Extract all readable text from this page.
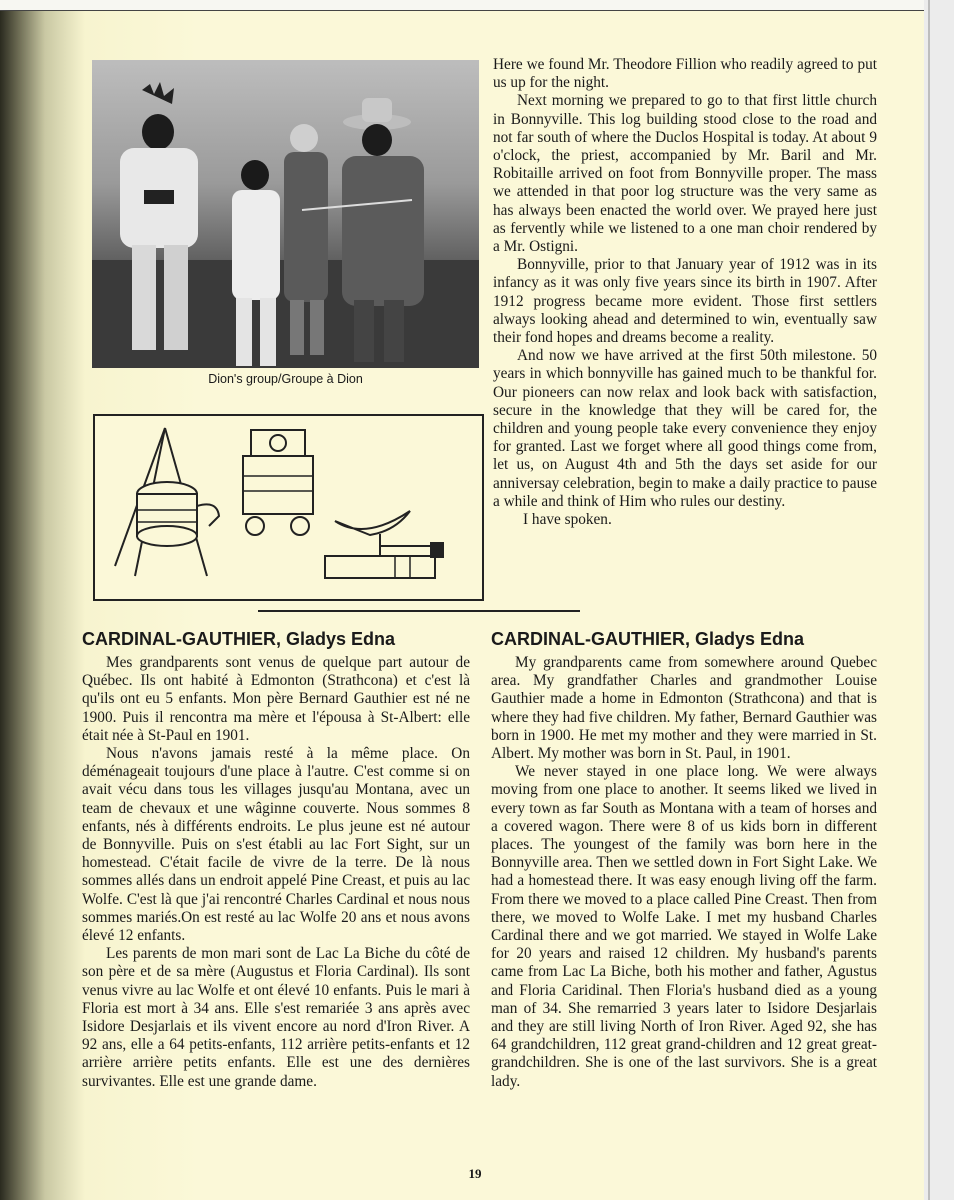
Dion's group/Groupe à Dion

Here we found Mr. Theodore Fillion who readily agreed to put us up for the night.

Next morning we prepared to go to that first little church in Bonnyville. This log building stood close to the road and not far south of where the Duclos Hospital is today. At about 9 o'clock, the priest, accompanied by Mr. Baril and Mr. Robitaille arrived on foot from Bonnyville proper. The mass we attended in that poor log structure was the very same as has always been enacted the world over. We prayed here just as fervently while we listened to a one man choir rendered by a Mr. Ostigni.

Bonnyville, prior to that January year of 1912 was in its infancy as it was only five years since its birth in 1907. After 1912 progress became more evident. Those first settlers always looking ahead and determined to win, eventually saw their fond hopes and dreams become a reality.

And now we have arrived at the first 50th milestone. 50 years in which bonnyville has gained much to be thankful for. Our pioneers can now relax and look back with satisfaction, secure in the knowledge that they will be cared for, the children and young people take every convenience they enjoy for granted. Last we forget where all good things come from, let us, on August 4th and 5th the days set aside for our anniversay celebration, begin to make a daily practice to pause a while and think of Him who rules our destiny.

I have spoken.

CARDINAL-GAUTHIER, Gladys Edna

Mes grandparents sont venus de quelque part autour de Québec. Ils ont habité à Edmonton (Strathcona) et c'est là qu'ils ont eu 5 enfants. Mon père Bernard Gauthier est né ne 1900. Puis il rencontra ma mère et l'épousa à St-Albert: elle était née à St-Paul en 1901.

Nous n'avons jamais resté à la même place. On déménageait toujours d'une place à l'autre. C'est comme si on avait vécu dans tous les villages jusqu'au Montana, avec un team de chevaux et une wâginne couverte. Nous sommes 8 enfants, nés à différents endroits. Le plus jeune est né autour de Bonnyville. Puis on s'est établi au lac Fort Sight, sur un homestead. C'était facile de vivre de la terre. De là nous sommes allés dans un endroit appelé Pine Creast, et puis au lac Wolfe. C'est là que j'ai rencontré Charles Cardinal et nous nous sommes mariés.On est resté au lac Wolfe 20 ans et nous avons élevé 12 enfants.

Les parents de mon mari sont de Lac La Biche du côté de son père et de sa mère (Augustus et Floria Cardinal). Ils sont venus vivre au lac Wolfe et ont élevé 10 enfants. Puis le mari à Floria est mort à 34 ans. Elle s'est remariée 3 ans après avec Isidore Desjarlais et ils vivent encore au nord d'Iron River. A 92 ans, elle a 64 petits-enfants, 112 arrière petits-enfants et 12 arrière arrière petits enfants. Elle est une des dernières survivantes. Elle est une grande dame.

CARDINAL-GAUTHIER, Gladys Edna

My grandparents came from somewhere around Quebec area. My grandfather Charles and grandmother Louise Gauthier made a home in Edmonton (Strathcona) and that is where they had five children. My father, Bernard Gauthier was born in 1900. He met my mother and they were married in St. Albert. My mother was born in St. Paul, in 1901.

We never stayed in one place long. We were always moving from one place to another. It seems liked we lived in every town as far South as Montana with a team of horses and a covered wagon. There were 8 of us kids born in different places. The youngest of the family was born here in the Bonnyville area. Then we settled down in Fort Sight Lake. We had a homestead there. It was easy enough living off the farm. From there we moved to a place called Pine Creast. Then from there, we moved to Wolfe Lake. I met my husband Charles Cardinal there and we got married. We stayed in Wolfe Lake for 20 years and raised 12 children. My husband's parents came from Lac La Biche, both his mother and father, Agustus and Floria Caridinal. Then Floria's husband died as a young man of 34. She remarried 3 years later to Isidore Desjarlais and they are still living North of Iron River. Aged 92, she has 64 grandchildren, 112 great grand-children and 12 great great-grandchildren. She is one of the last survivors. She is a great lady.

19
